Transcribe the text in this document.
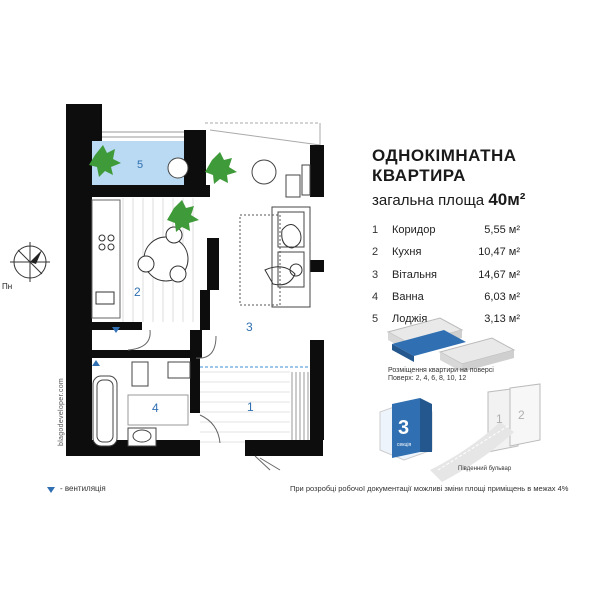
5
2
3
4	1
Пн
3
секція
1 2
Південний бульвар
ОДНОКІМНАТНА
КВАРТИРА
загальна площа 40м²
1	Коридор	5,55 м²
2	Кухня	10,47 м²
3	Вітальня	14,67 м²
4	Ванна	6,03 м²
5	Лоджія	3,13 м²
Розміщення квартири на поверсі
Поверх: 2, 4, 6, 8, 10, 12
blagodeveloper.com
- вентиляція	При розробці робочої документації можливі зміни площі приміщень в межах 4%
